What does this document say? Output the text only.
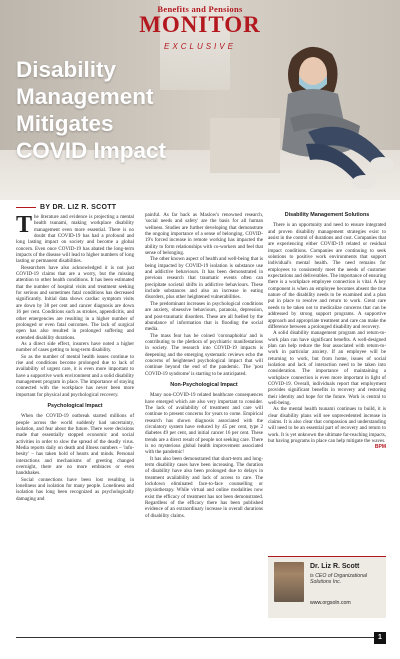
Benefits and Pensions
MONITOR
EXCLUSIVE
Disability
Management
Mitigates
COVID Impact
BY DR. LIZ R. SCOTT

The literature and evidence is projecting a mental health tsunami, making workplace disability management even more essential. There is no doubt that COVID-19 has had a profound and long lasting impact on society and become a global concern. Even once COVID-19 has abated the long-term impacts of the disease will lead to higher numbers of long lasting or permanent disabilities.

Researchers have also acknowledged it is not just COVID-19 claims that are a worry, but the missing attention to other health conditions. It has been estimated that the number of hospital visits and treatment seeking for serious and sometimes fatal conditions has decreased significantly. Initial data shows cardiac symptom visits are down by 38 per cent and cancer diagnosis are down 16 per cent. Conditions such as strokes, appendicitis, and other emergencies are resulting in a higher number of prolonged or even fatal outcomes. The lack of surgical open has also resulted in prolonged suffering and extended disability durations.

As a direct side effect, insurers have noted a higher number of cases getting to long-term disability.

So as the number of mental health issues continue to rise and conditions become prolonged due to lack of availability of urgent care, it is even more important to have a supportive work environment and a solid disability management program in place. The importance of staying connected with the workplace has never been more important for physical and psychological recovery.

Psychological Impact

When the COVID-19 outbreak started millions of people across the world suddenly had uncertainty, isolation, and fear about the future. There were decisions made that essentially stopped economic and social activities in order to slow the spread of the deadly virus. Media reports daily on death and illness numbers – 'info-besity' – has taken hold of hearts and minds. Personal interactions and mechanisms of greeting changed overnight, there are no more embraces or even handshakes.

Social connections have been lost resulting in loneliness and isolation for many people. Loneliness and isolation has long been recognized as psychologically damaging and

painful. As far back as Maslow's renowned research, 'social needs and safety' are the basis for all human wellness. Studies are further developing that demonstrate the ongoing importance of a sense of belonging. COVID-19's forced increase in remote working has impacted the ability to form relationships with co-workers and feel that sense of belonging.

The other known aspect of health and well-being that is being impacted by COVID-19 isolation is substance use and addictive behaviours. It has been demonstrated in previous research that traumatic events often can precipitate societal shifts in addictive behaviours. These include substances and also an increase in eating disorders, plus other heightened vulnerabilities.

The predominant increases in psychological conditions are anxiety, obsessive behaviours, paranoia, depression, and post-traumatic disorders. These are all fuelled by the abundance of information that is flooding the social media.

The mass fear has be coined 'coronaphobia' and is contributing to the plethora of psychiatric manifestations in society. The research into COVID-19 impacts is deepening and the emerging systematic reviews echo the concerns of heightened psychological impact that will continue beyond the end of the pandemic. The 'post COVID-19 syndrome' is starting to be anticipated.

Non-Psychological Impact

Many non-COVID-19 related healthcare consequences have emerged which are also very important to consider. The lack of availability of treatment and care will continue to present concerns for years to come. Empirical research has shown diagnosis associated with the circulatory system have reduced by 45 per cent, type 2 diabetes 49 per cent, and initial cancer 16 per cent. These trends are a direct result of people not seeking care. There is no mysterious global health improvement associated with the pandemic!

It has also been demonstrated that short-term and long-term disability cases have been increasing. The duration of disability have also been prolonged due to delays in treatment availability and lack of access to care. The lockdown eliminated face-to-face counselling or physiotherapy. While virtual and online modalities now exist the efficacy of treatment has not been demonstrated. Regardless of the efficacy there has been published evidence of an extraordinary increase in overall durations of disability claims.

Disability Management Solutions

There is an opportunity and need to ensure integrated and proven disability management strategies exist to assist in the control of durations and cost. Companies that are experiencing either COVID-19 related or residual impact conditions. Companies are continuing to seek solutions to positive work environments that support individual's mental health. The need remains for employees to consistently meet the needs of customer expectations and deliverables. The importance of ensuring there is a workplace employee connection is vital. A key component is when an employee becomes absent the true nature of the disability needs to be examined and a plan put in place to resolve and return to work. Great care needs to be taken not to medicalize concerns that can be addressed by strong support programs. A supportive approach and appropriate treatment and care can make the difference between a prolonged disability and recovery.

A solid disability management program and return-to-work plan can have significant benefits. A well-designed plan can help reduce the fear associated with return-to-work in particular anxiety. If an employee will be returning to work, but from home, issues of social isolation and lack of interaction need to be taken into consideration. The importance of maintaining a workplace connection is even more important in light of COVID-19. Overall, individuals report that employment provides significant benefits in recovery and restoring their identity and hope for the future. Work is central to well-being.

As the mental health tsunami continues to build, it is clear disability plans will see unprecedented increase in claims. It is also clear that compassion and understanding will need to be an essential part of recovery and return to work. It is yet unknown the ultimate far-reaching impacts, but having programs in place can help mitigate the waves.
BPM

Dr. Liz R. Scott
is CEO of Organizational Solutions Inc.
www.orgsoln.com
1
